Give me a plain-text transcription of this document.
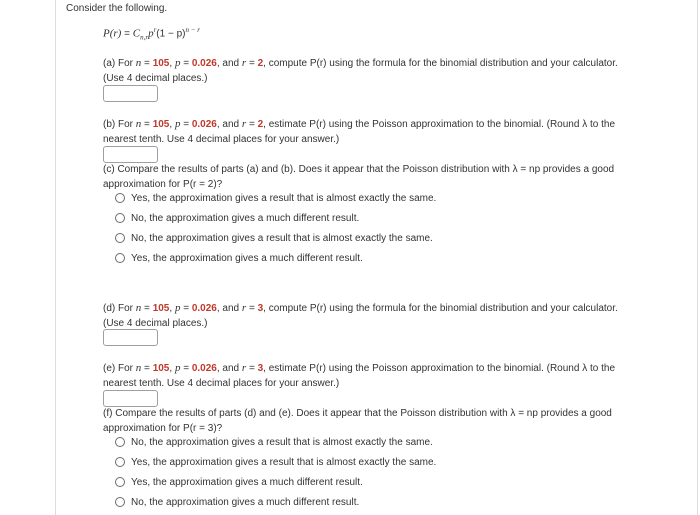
Consider the following.
$P(r) = C_{n,r}p^r(1 - p)^{n - r}$
(a) For n = 105, p = 0.026, and r = 2, compute P(r) using the formula for the binomial distribution and your calculator.
(Use 4 decimal places.)
(b) For n = 105, p = 0.026, and r = 2, estimate P(r) using the Poisson approximation to the binomial. (Round λ to the
nearest tenth. Use 4 decimal places for your answer.)
(c) Compare the results of parts (a) and (b). Does it appear that the Poisson distribution with λ = np provides a good
approximation for P(r = 2)?
Yes, the approximation gives a result that is almost exactly the same.
No, the approximation gives a much different result.
No, the approximation gives a result that is almost exactly the same.
Yes, the approximation gives a much different result.
(d) For n = 105, p = 0.026, and r = 3, compute P(r) using the formula for the binomial distribution and your calculator.
(Use 4 decimal places.)
(e) For n = 105, p = 0.026, and r = 3, estimate P(r) using the Poisson approximation to the binomial. (Round λ to the
nearest tenth. Use 4 decimal places for your answer.)
(f) Compare the results of parts (d) and (e). Does it appear that the Poisson distribution with λ = np provides a good
approximation for P(r = 3)?
No, the approximation gives a result that is almost exactly the same.
Yes, the approximation gives a result that is almost exactly the same.
Yes, the approximation gives a much different result.
No, the approximation gives a much different result.
